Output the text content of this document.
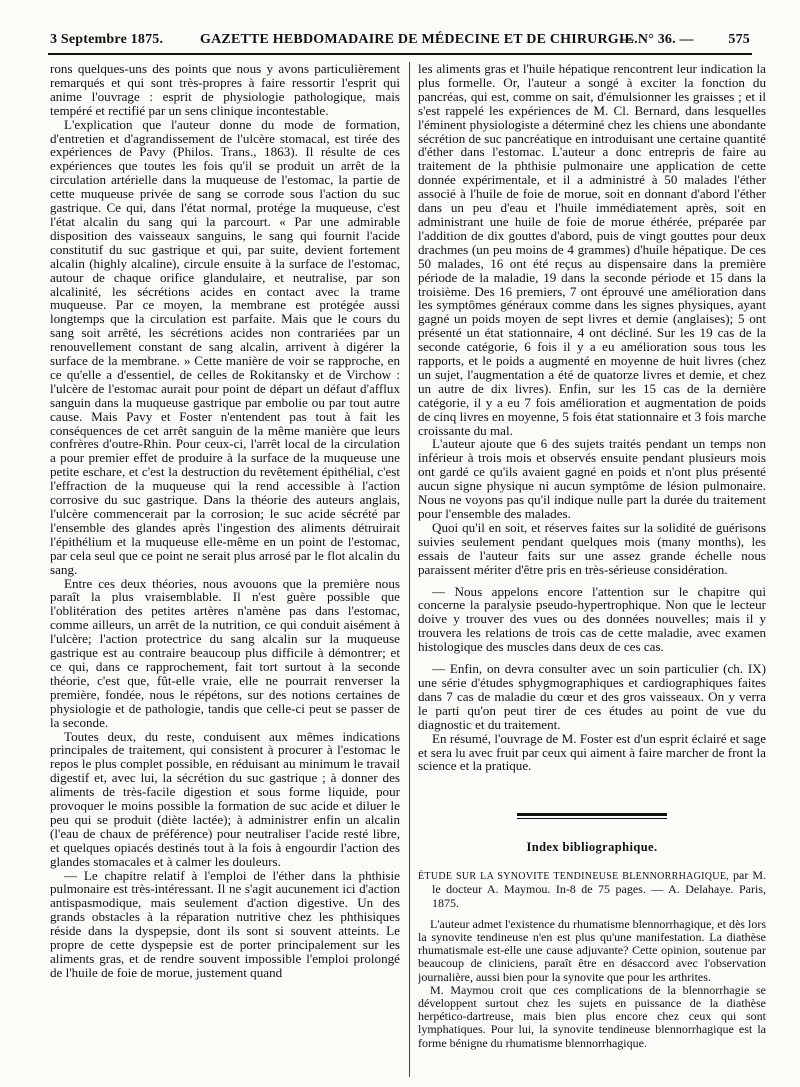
3 Septembre 1875.	GAZETTE HEBDOMADAIRE DE MÉDECINE ET DE CHIRURGIE.
— N° 36. — 575

rons quelques-uns des points que nous y avons particulièrement remarqués et qui sont très-propres à faire ressortir l'esprit qui anime l'ouvrage : esprit de physiologie pathologique, mais tempéré et rectifié par un sens clinique incontestable.

L'explication que l'auteur donne du mode de formation, d'entretien et d'agrandissement de l'ulcère stomacal, est tirée des expériences de Pavy (Philos. Trans., 1863). Il résulte de ces expériences que toutes les fois qu'il se produit un arrêt de la circulation artérielle dans la muqueuse de l'estomac, la partie de cette muqueuse privée de sang se corrode sous l'action du suc gastrique. Ce qui, dans l'état normal, protége la muqueuse, c'est l'état alcalin du sang qui la parcourt. « Par une admirable disposition des vaisseaux sanguins, le sang qui fournit l'acide constitutif du suc gastrique et qui, par suite, devient fortement alcalin (highly alcaline), circule ensuite à la surface de l'estomac, autour de chaque orifice glandulaire, et neutralise, par son alcalinité, les sécrétions acides en contact avec la trame muqueuse. Par ce moyen, la membrane est protégée aussi longtemps que la circulation est parfaite. Mais que le cours du sang soit arrêté, les sécrétions acides non contrariées par un renouvellement constant de sang alcalin, arrivent à digérer la surface de la membrane. » Cette manière de voir se rapproche, en ce qu'elle a d'essentiel, de celles de Rokitansky et de Virchow : l'ulcère de l'estomac aurait pour point de départ un défaut d'afflux sanguin dans la muqueuse gastrique par embolie ou par tout autre cause. Mais Pavy et Foster n'entendent pas tout à fait les conséquences de cet arrêt sanguin de la même manière que leurs confrères d'outre-Rhin. Pour ceux-ci, l'arrêt local de la circulation a pour premier effet de produire à la surface de la muqueuse une petite eschare, et c'est la destruction du revêtement épithélial, c'est l'effraction de la muqueuse qui la rend accessible à l'action corrosive du suc gastrique. Dans la théorie des auteurs anglais, l'ulcère commencerait par la corrosion; le suc acide sécrété par l'ensemble des glandes après l'ingestion des aliments détruirait l'épithélium et la muqueuse elle-même en un point de l'estomac, par cela seul que ce point ne serait plus arrosé par le flot alcalin du sang.

Entre ces deux théories, nous avouons que la première nous paraît la plus vraisemblable. Il n'est guère possible que l'oblitération des petites artères n'amène pas dans l'estomac, comme ailleurs, un arrêt de la nutrition, ce qui conduit aisément à l'ulcère; l'action protectrice du sang alcalin sur la muqueuse gastrique est au contraire beaucoup plus difficile à démontrer; et ce qui, dans ce rapprochement, fait tort surtout à la seconde théorie, c'est que, fût-elle vraie, elle ne pourrait renverser la première, fondée, nous le répétons, sur des notions certaines de physiologie et de pathologie, tandis que celle-ci peut se passer de la seconde.

Toutes deux, du reste, conduisent aux mêmes indications principales de traitement, qui consistent à procurer à l'estomac le repos le plus complet possible, en réduisant au minimum le travail digestif et, avec lui, la sécrétion du suc gastrique ; à donner des aliments de très-facile digestion et sous forme liquide, pour provoquer le moins possible la formation de suc acide et diluer le peu qui se produit (diète lactée); à administrer enfin un alcalin (l'eau de chaux de préférence) pour neutraliser l'acide resté libre, et quelques opiacés destinés tout à la fois à engourdir l'action des glandes stomacales et à calmer les douleurs.

— Le chapitre relatif à l'emploi de l'éther dans la phthisie pulmonaire est très-intéressant. Il ne s'agit aucunement ici d'action antispasmodique, mais seulement d'action digestive. Un des grands obstacles à la réparation nutritive chez les phthisiques réside dans la dyspepsie, dont ils sont si souvent atteints. Le propre de cette dyspepsie est de porter principalement sur les aliments gras, et de rendre souvent impossible l'emploi prolongé de l'huile de foie de morue, justement quand

les aliments gras et l'huile hépatique rencontrent leur indication la plus formelle. Or, l'auteur a songé à exciter la fonction du pancréas, qui est, comme on sait, d'émulsionner les graisses ; et il s'est rappelé les expériences de M. Cl. Bernard, dans lesquelles l'éminent physiologiste a déterminé chez les chiens une abondante sécrétion de suc pancréatique en introduisant une certaine quantité d'éther dans l'estomac. L'auteur a donc entrepris de faire au traitement de la phthisie pulmonaire une application de cette donnée expérimentale, et il a administré à 50 malades l'éther associé à l'huile de foie de morue, soit en donnant d'abord l'éther dans un peu d'eau et l'huile immédiatement après, soit en administrant une huile de foie de morue éthérée, préparée par l'addition de dix gouttes d'abord, puis de vingt gouttes pour deux drachmes (un peu moins de 4 grammes) d'huile hépatique. De ces 50 malades, 16 ont été reçus au dispensaire dans la première période de la maladie, 19 dans la seconde période et 15 dans la troisième. Des 16 premiers, 7 ont éprouvé une amélioration dans les symptômes généraux comme dans les signes physiques, ayant gagné un poids moyen de sept livres et demie (anglaises); 5 ont présenté un état stationnaire, 4 ont décliné. Sur les 19 cas de la seconde catégorie, 6 fois il y a eu amélioration sous tous les rapports, et le poids a augmenté en moyenne de huit livres (chez un sujet, l'augmentation a été de quatorze livres et demie, et chez un autre de dix livres). Enfin, sur les 15 cas de la dernière catégorie, il y a eu 7 fois amélioration et augmentation de poids de cinq livres en moyenne, 5 fois état stationnaire et 3 fois marche croissante du mal.

L'auteur ajoute que 6 des sujets traités pendant un temps non inférieur à trois mois et observés ensuite pendant plusieurs mois ont gardé ce qu'ils avaient gagné en poids et n'ont plus présenté aucun signe physique ni aucun symptôme de lésion pulmonaire. Nous ne voyons pas qu'il indique nulle part la durée du traitement pour l'ensemble des malades.

Quoi qu'il en soit, et réserves faites sur la solidité de guérisons suivies seulement pendant quelques mois (many months), les essais de l'auteur faits sur une assez grande échelle nous paraissent mériter d'être pris en très-sérieuse considération.

— Nous appelons encore l'attention sur le chapitre qui concerne la paralysie pseudo-hypertrophique. Non que le lecteur doive y trouver des vues ou des données nouvelles; mais il y trouvera les relations de trois cas de cette maladie, avec examen histologique des muscles dans deux de ces cas.

— Enfin, on devra consulter avec un soin particulier (ch. IX) une série d'études sphygmographiques et cardiographiques faites dans 7 cas de maladie du cœur et des gros vaisseaux. On y verra le parti qu'on peut tirer de ces études au point de vue du diagnostic et du traitement.

En résumé, l'ouvrage de M. Foster est d'un esprit éclairé et sage et sera lu avec fruit par ceux qui aiment à faire marcher de front la science et la pratique.

Index bibliographique.

ÉTUDE SUR LA SYNOVITE TENDINEUSE BLENNORRHAGIQUE, par M. le docteur A. Maymou. In-8 de 75 pages. — A. Delahaye. Paris, 1875.

L'auteur admet l'existence du rhumatisme blennorrhagique, et dès lors la synovite tendineuse n'en est plus qu'une manifestation. La diathèse rhumatismale est-elle une cause adjuvante? Cette opinion, soutenue par beaucoup de cliniciens, paraît être en désaccord avec l'observation journalière, aussi bien pour la synovite que pour les arthrites.

M. Maymou croit que ces complications de la blennorrhagie se développent surtout chez les sujets en puissance de la diathèse herpético-dartreuse, mais bien plus encore chez ceux qui sont lymphatiques. Pour lui, la synovite tendineuse blennorrhagique est la forme bénigne du rhumatisme blennorrhagique.
